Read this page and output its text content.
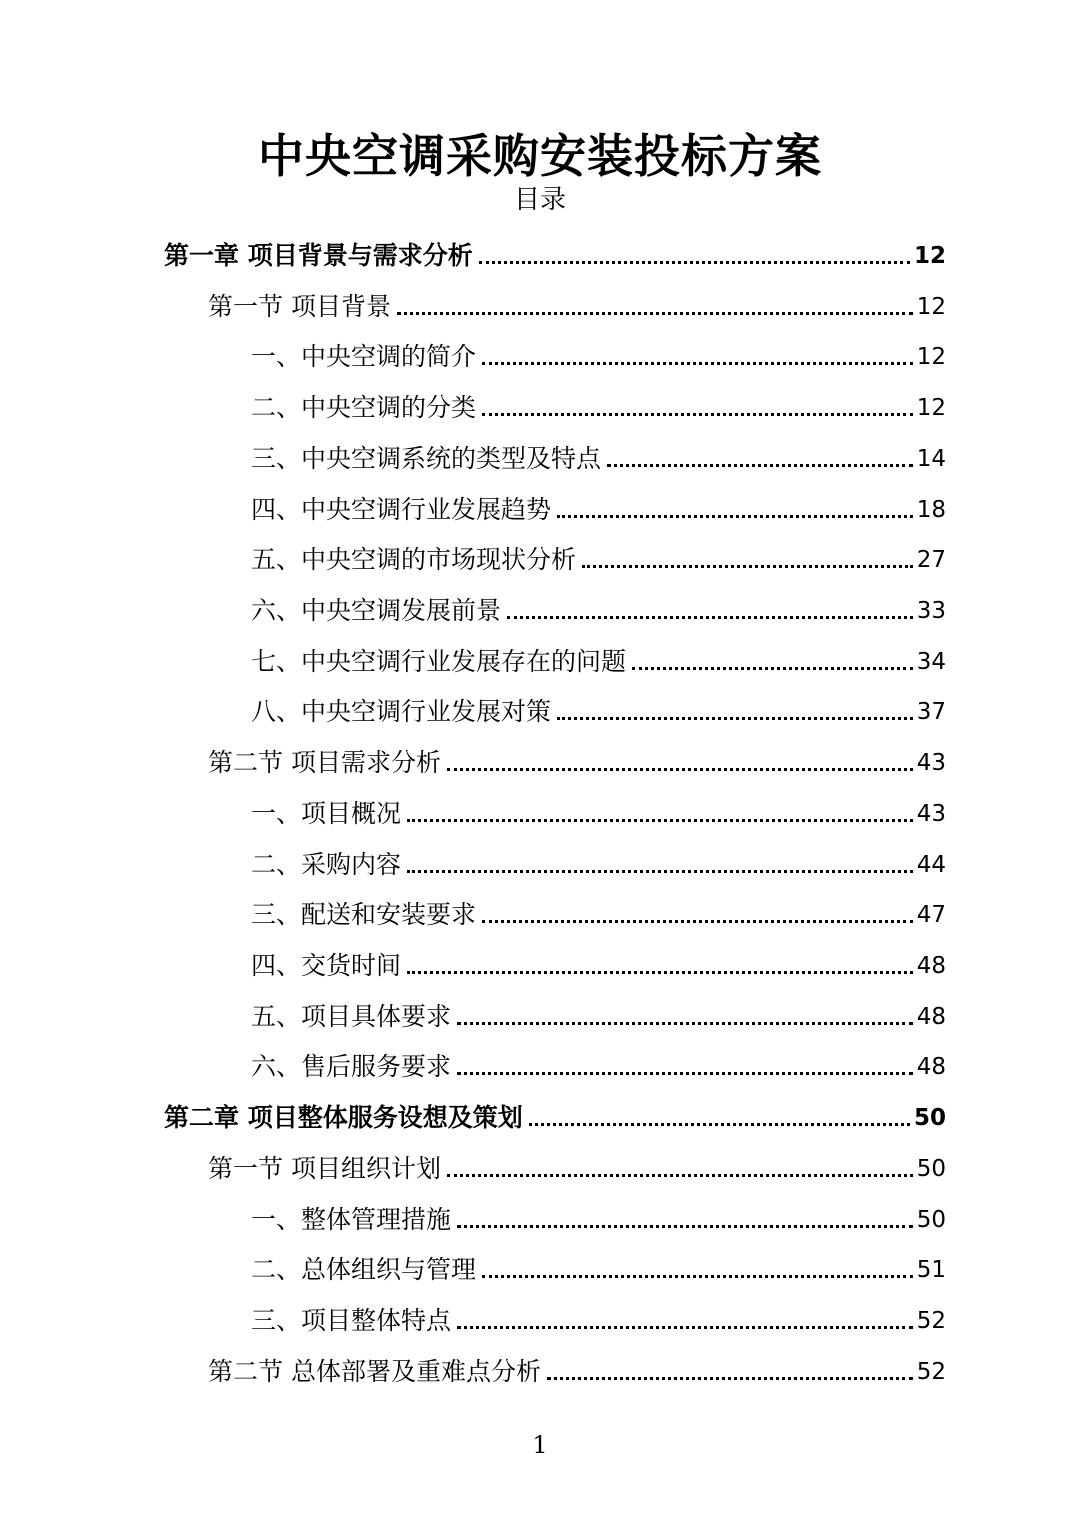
中央空调采购安装投标方案
目录
第一章 项目背景与需求分析	12
第一节 项目背景	12
一、中央空调的简介	12
二、中央空调的分类	12
三、中央空调系统的类型及特点	14
四、中央空调行业发展趋势	18
五、中央空调的市场现状分析	27
六、中央空调发展前景	33
七、中央空调行业发展存在的问题	34
八、中央空调行业发展对策	37
第二节 项目需求分析	43
一、项目概况	43
二、采购内容	44
三、配送和安装要求	47
四、交货时间	48
五、项目具体要求	48
六、售后服务要求	48
第二章 项目整体服务设想及策划	50
第一节 项目组织计划	50
一、整体管理措施	50
二、总体组织与管理	51
三、项目整体特点	52
第二节 总体部署及重难点分析	52
1
